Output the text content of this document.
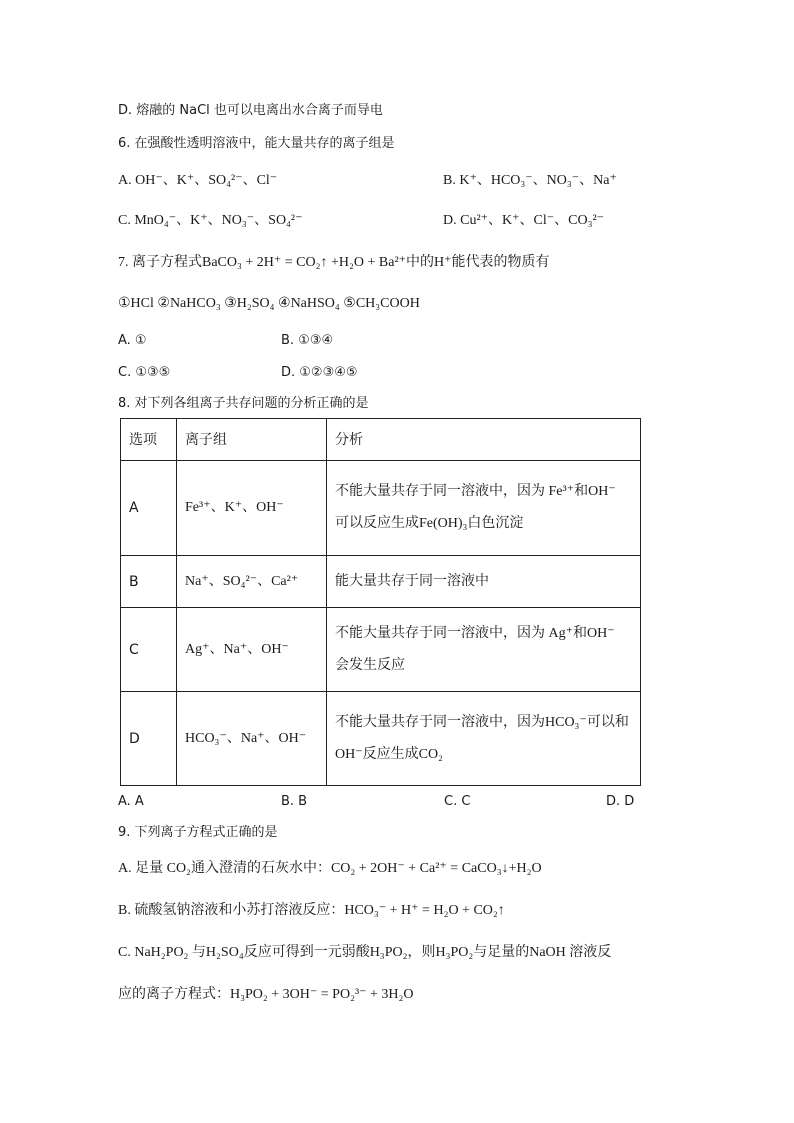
D. 熔融的 NaCl 也可以电离出水合离子而导电
6. 在强酸性透明溶液中，能大量共存的离子组是
A. OH⁻、K⁺、SO₄²⁻、Cl⁻	B. K⁺、HCO₃⁻、NO₃⁻、Na⁺
C. MnO₄⁻、K⁺、NO₃⁻、SO₄²⁻	D. Cu²⁺、K⁺、Cl⁻、CO₃²⁻
7. 离子方程式BaCO₃ + 2H⁺ = CO₂↑ +H₂O + Ba²⁺中的H⁺能代表的物质有
①HCl ②NaHCO₃ ③H₂SO₄ ④NaHSO₄ ⑤CH₃COOH
A. ①	B. ①③④
C. ①③⑤	D. ①②③④⑤
8. 对下列各组离子共存问题的分析正确的是
选项	离子组	分析
A	Fe³⁺、K⁺、OH⁻	不能大量共存于同一溶液中，因为 Fe³⁺和OH⁻
可以反应生成Fe(OH)₃白色沉淀

B	Na⁺、SO₄²⁻、Ca²⁺	能大量共存于同一溶液中

C	Ag⁺、Na⁺、OH⁻	不能大量共存于同一溶液中，因为 Ag⁺和OH⁻
会发生反应

D	HCO₃⁻、Na⁺、OH⁻	不能大量共存于同一溶液中，因为HCO₃⁻可以和
OH⁻反应生成CO₂
A. A	B. B	C. C	D. D
9. 下列离子方程式正确的是
A. 足量 CO₂通入澄清的石灰水中：CO₂ + 2OH⁻ + Ca²⁺ = CaCO₃↓+H₂O
B. 硫酸氢钠溶液和小苏打溶液反应：HCO₃⁻ + H⁺ = H₂O + CO₂↑
C. NaH₂PO₂ 与H₂SO₄反应可得到一元弱酸H₃PO₂，则H₃PO₂与足量的NaOH 溶液反
应的离子方程式：H₃PO₂ + 3OH⁻ = PO₂³⁻ + 3H₂O
